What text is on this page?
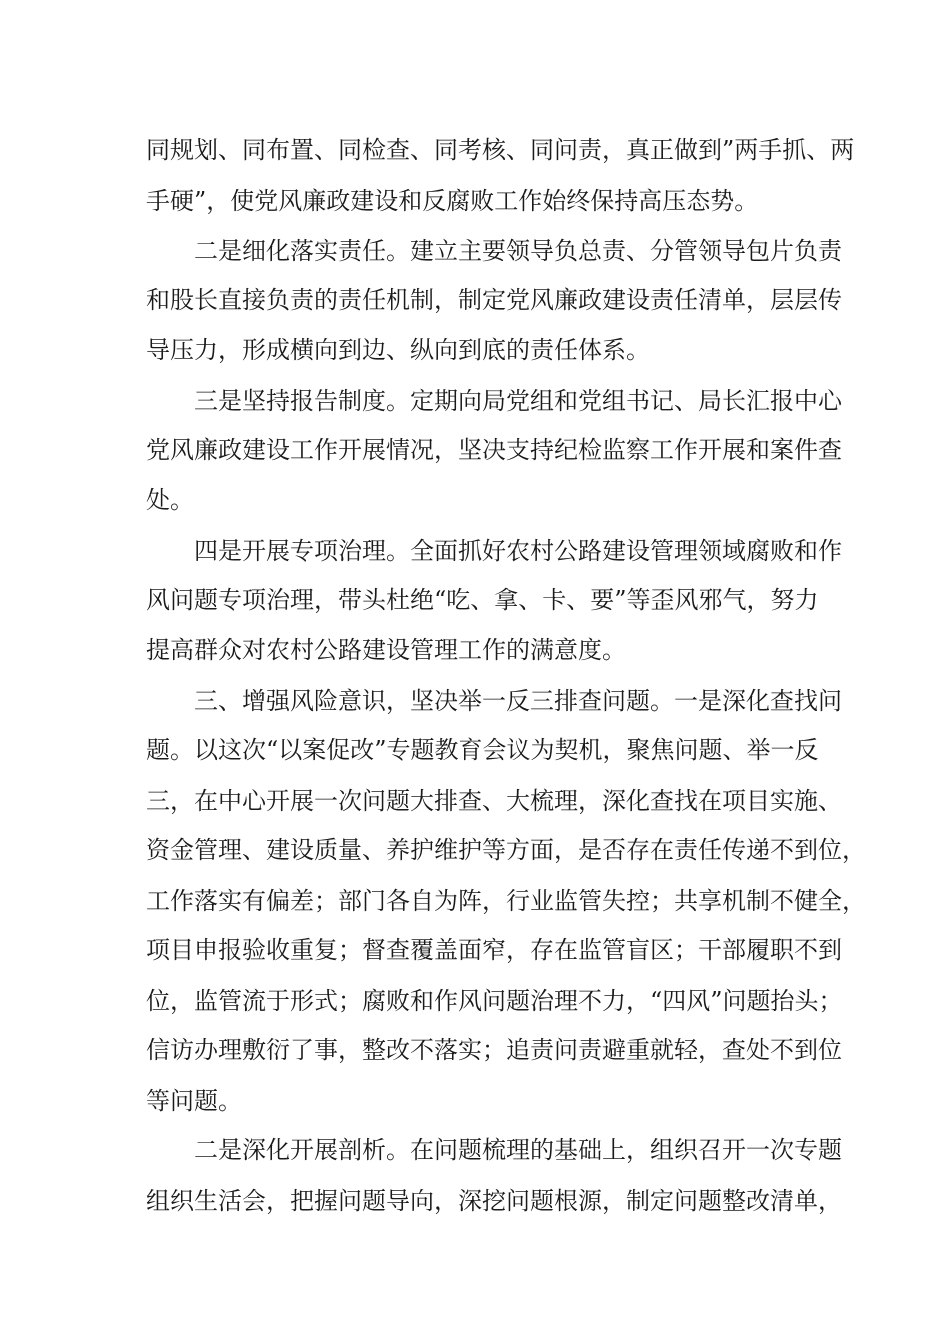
同规划、同布置、同检查、同考核、同问责，真正做到”两手抓、两
手硬”，使党风廉政建设和反腐败工作始终保持高压态势。
二是细化落实责任。建立主要领导负总责、分管领导包片负责
和股长直接负责的责任机制，制定党风廉政建设责任清单，层层传
导压力，形成横向到边、纵向到底的责任体系。
三是坚持报告制度。定期向局党组和党组书记、局长汇报中心
党风廉政建设工作开展情况，坚决支持纪检监察工作开展和案件查
处。
四是开展专项治理。全面抓好农村公路建设管理领域腐败和作
风问题专项治理，带头杜绝“吃、拿、卡、要”等歪风邪气，努力
提高群众对农村公路建设管理工作的满意度。
三、增强风险意识，坚决举一反三排查问题。一是深化查找问
题。以这次“以案促改”专题教育会议为契机，聚焦问题、举一反
三，在中心开展一次问题大排查、大梳理，深化查找在项目实施、
资金管理、建设质量、养护维护等方面，是否存在责任传递不到位，
工作落实有偏差；部门各自为阵，行业监管失控；共享机制不健全，
项目申报验收重复；督查覆盖面窄，存在监管盲区；干部履职不到
位，监管流于形式；腐败和作风问题治理不力，“四风”问题抬头；
信访办理敷衍了事，整改不落实；追责问责避重就轻，查处不到位
等问题。
二是深化开展剖析。在问题梳理的基础上，组织召开一次专题
组织生活会，把握问题导向，深挖问题根源，制定问题整改清单，
